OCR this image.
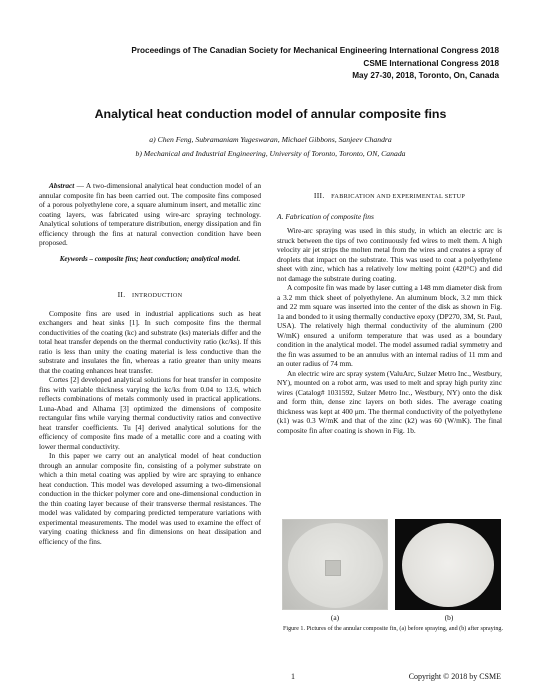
Proceedings of The Canadian Society for Mechanical Engineering International Congress 2018
CSME International Congress 2018
May 27-30, 2018, Toronto, On, Canada
Analytical heat conduction model of annular composite fins
a) Chen Feng, Subramaniam Yugeswaran, Michael Gibbons, Sanjeev Chandra
b) Mechanical and Industrial Engineering, University of Toronto, Toronto, ON, Canada

Abstract — A two-dimensional analytical heat conduction model of an annular composite fin has been carried out. The composite fins composed of a porous polyethylene core, a square aluminum insert, and metallic zinc coating layers, was fabricated using wire-arc spraying technology. Analytical solutions of temperature distribution, energy dissipation and fin efficiency through the fins at natural convection condition have been proposed.

Keywords – composite fins; heat conduction; analytical model.

II. INTRODUCTION

Composite fins are used in industrial applications such as heat exchangers and heat sinks [1]. In such composite fins the thermal conductivities of the coating (kc) and substrate (ks) materials differ and the total heat transfer depends on the thermal conductivity ratio (kc/ks). If this ratio is less than unity the coating material is less conductive than the substrate and insulates the fin, whereas a ratio greater than unity means that the coating enhances heat transfer.

Cortes [2] developed analytical solutions for heat transfer in composite fins with variable thickness varying the kc/ks from 0.04 to 13.6, which reflects combinations of metals commonly used in practical applications. Luna-Abad and Alhama [3] optimized the dimensions of composite rectangular fins while varying thermal conductivity ratios and convective heat transfer coefficients. Tu [4] derived analytical solutions for the efficiency of composite fins made of a metallic core and a coating with lower thermal conductivity.

In this paper we carry out an analytical model of heat conduction through an annular composite fin, consisting of a polymer substrate on which a thin metal coating was applied by wire arc spraying to enhance heat conduction. This model was developed assuming a two-dimensional conduction in the thicker polymer core and one-dimensional conduction in the thin coating layer because of their transverse thermal resistances. The model was validated by comparing predicted temperature variations with experimental measurements. The model was used to examine the effect of varying coating thickness and fin dimensions on heat dissipation and efficiency of the fins.

III. FABRICATION AND EXPERIMENTAL SETUP

A. Fabrication of composite fins

Wire-arc spraying was used in this study, in which an electric arc is struck between the tips of two continuously fed wires to melt them. A high velocity air jet strips the molten metal from the wires and creates a spray of droplets that impact on the substrate. This was used to coat a polyethylene sheet with zinc, which has a relatively low melting point (420°C) and did not damage the substrate during coating.

A composite fin was made by laser cutting a 148 mm diameter disk from a 3.2 mm thick sheet of polyethylene. An aluminum block, 3.2 mm thick and 22 mm square was inserted into the center of the disk as shown in Fig. 1a and bonded to it using thermally conductive epoxy (DP270, 3M, St. Paul, USA). The relatively high thermal conductivity of the aluminum (200 W/mK) ensured a uniform temperature that was used as a boundary condition in the analytical model. The model assumed radial symmetry and the fin was assumed to be an annulus with an internal radius of 11 mm and an outer radius of 74 mm.

An electric wire arc spray system (ValuArc, Sulzer Metro Inc., Westbury, NY), mounted on a robot arm, was used to melt and spray high purity zinc wires (Catalog# 1031592, Sulzer Metro Inc., Westbury, NY) onto the disk and form thin, dense zinc layers on both sides. The average coating thickness was kept at 400 μm. The thermal conductivity of the polyethylene (k1) was 0.3 W/mK and that of the zinc (k2) was 60 (W/mK). The final composite fin after coating is shown in Fig. 1b.

(a)	(b)
Figure 1. Pictures of the annular composite fin, (a) before spraying, and (b) after spraying.
1	Copyright © 2018 by CSME
